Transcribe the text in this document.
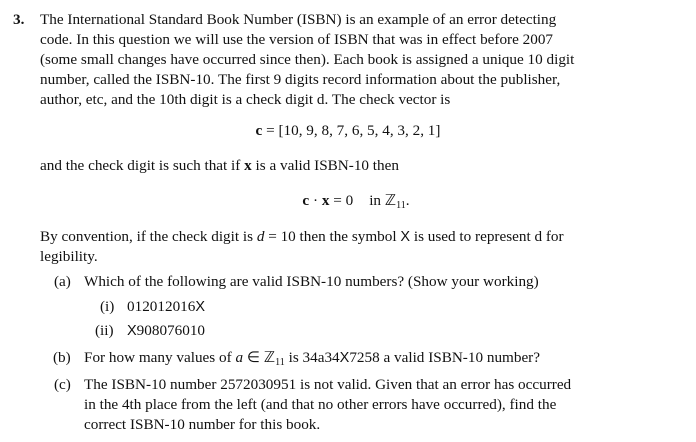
3. The International Standard Book Number (ISBN) is an example of an error detecting
code. In this question we will use the version of ISBN that was in effect before 2007
(some small changes have occurred since then). Each book is assigned a unique 10 digit
number, called the ISBN-10. The first 9 digits record information about the publisher,
author, etc, and the 10th digit is a check digit d. The check vector is
c = [10, 9, 8, 7, 6, 5, 4, 3, 2, 1]
and the check digit is such that if x is a valid ISBN-10 then
c · x = 0 in ℤ$_{11}$.
By convention, if the check digit is d = 10 then the symbol X is used to represent d for
legibility.
(a) Which of the following are valid ISBN-10 numbers? (Show your working)
(i) 012012016X
(ii) X908076010
(b) For how many values of a ∈ ℤ$_{11}$ is 34a34X7258 a valid ISBN-10 number?
(c) The ISBN-10 number 2572030951 is not valid. Given that an error has occurred
in the 4th place from the left (and that no other errors have occurred), find the
correct ISBN-10 number for this book.
